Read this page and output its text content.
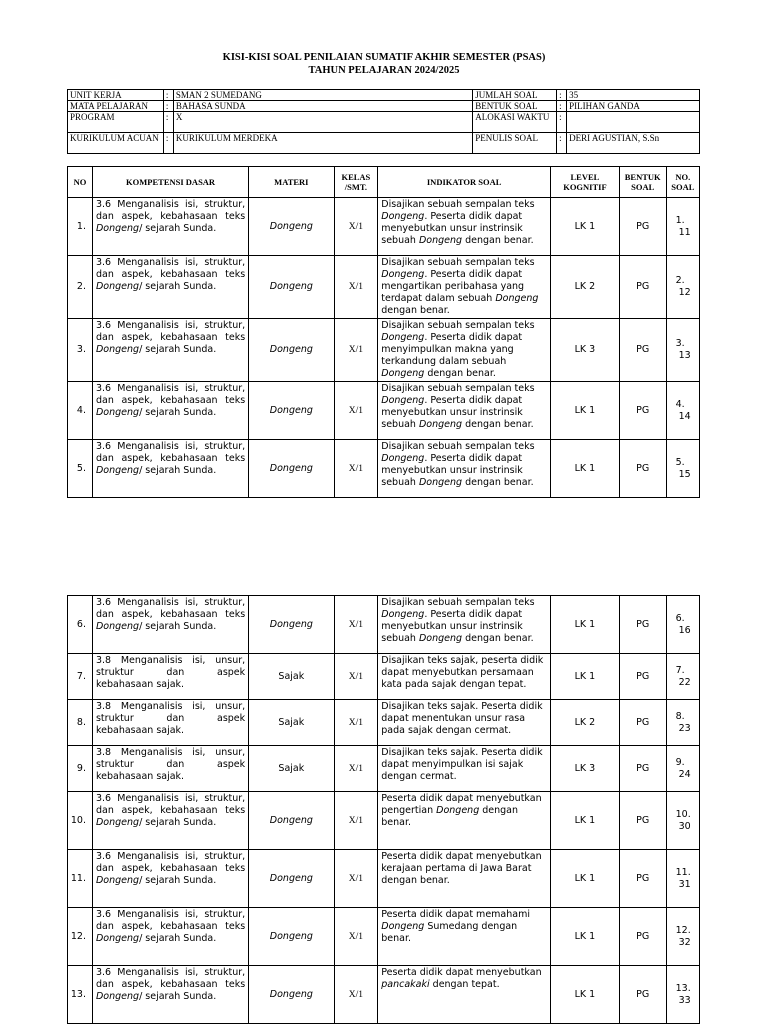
KISI-KISI SOAL PENILAIAN SUMATIF AKHIR SEMESTER (PSAS)
TAHUN PELAJARAN 2024/2025
UNIT KERJA	:	SMAN 2 SUMEDANG	JUMLAH SOAL	:	35
MATA PELAJARAN	:	BAHASA SUNDA	BENTUK SOAL	:	PILIHAN GANDA
PROGRAM	:	X	ALOKASI WAKTU	:	
KURIKULUM ACUAN	:	KURIKULUM MERDEKA	PENULIS SOAL	:	DERI AGUSTIAN, S.Sn
NO	KOMPETENSI DASAR	MATERI	KELAS /SMT.	INDIKATOR SOAL	LEVEL KOGNITIF	BENTUK SOAL	NO. SOAL
1.	3.6 Menganalisis isi, struktur, dan aspek, kebahasaan teks Dongeng/ sejarah Sunda.	Dongeng	X/1	Disajikan sebuah sempalan teks Dongeng. Peserta didik dapat menyebutkan unsur instrinsik sebuah Dongeng dengan benar.	LK 1	PG	1.
11

2.	3.6 Menganalisis isi, struktur, dan aspek, kebahasaan teks Dongeng/ sejarah Sunda.	Dongeng	X/1	Disajikan sebuah sempalan teks Dongeng. Peserta didik dapat mengartikan peribahasa yang terdapat dalam sebuah Dongeng dengan benar.	LK 2	PG	2.
12

3.	3.6 Menganalisis isi, struktur, dan aspek, kebahasaan teks Dongeng/ sejarah Sunda.	Dongeng	X/1	Disajikan sebuah sempalan teks Dongeng. Peserta didik dapat menyimpulkan makna yang terkandung dalam sebuah Dongeng dengan benar.	LK 3	PG	3.
13

4.	3.6 Menganalisis isi, struktur, dan aspek, kebahasaan teks Dongeng/ sejarah Sunda.	Dongeng	X/1	Disajikan sebuah sempalan teks Dongeng. Peserta didik dapat menyebutkan unsur instrinsik sebuah Dongeng dengan benar.	LK 1	PG	4.
14

5.	3.6 Menganalisis isi, struktur, dan aspek, kebahasaan teks Dongeng/ sejarah Sunda.	Dongeng	X/1	Disajikan sebuah sempalan teks Dongeng. Peserta didik dapat menyebutkan unsur instrinsik sebuah Dongeng dengan benar.	LK 1	PG	5.
15
6.	3.6 Menganalisis isi, struktur, dan aspek, kebahasaan teks Dongeng/ sejarah Sunda.	Dongeng	X/1	Disajikan sebuah sempalan teks Dongeng. Peserta didik dapat menyebutkan unsur instrinsik sebuah Dongeng dengan benar.	LK 1	PG	6.
16

7.	3.8 Menganalisis isi, unsur, struktur dan aspek kebahasaan sajak.	Sajak	X/1	Disajikan teks sajak, peserta didik dapat menyebutkan persamaan kata pada sajak dengan tepat.	LK 1	PG	7.
22

8.	3.8 Menganalisis isi, unsur, struktur dan aspek kebahasaan sajak.	Sajak	X/1	Disajikan teks sajak. Peserta didik dapat menentukan unsur rasa pada sajak dengan cermat.	LK 2	PG	8.
23

9.	3.8 Menganalisis isi, unsur, struktur dan aspek kebahasaan sajak.	Sajak	X/1	Disajikan teks sajak. Peserta didik dapat menyimpulkan isi sajak dengan cermat.	LK 3	PG	9.
24

10.	3.6 Menganalisis isi, struktur, dan aspek, kebahasaan teks Dongeng/ sejarah Sunda.	Dongeng	X/1	Peserta didik dapat menyebutkan pengertian Dongeng dengan benar.	LK 1	PG	10.
30

11.	3.6 Menganalisis isi, struktur, dan aspek, kebahasaan teks Dongeng/ sejarah Sunda.	Dongeng	X/1	Peserta didik dapat menyebutkan kerajaan pertama di Jawa Barat dengan benar.	LK 1	PG	11.
31

12.	3.6 Menganalisis isi, struktur, dan aspek, kebahasaan teks Dongeng/ sejarah Sunda.	Dongeng	X/1	Peserta didik dapat memahami Dongeng Sumedang dengan benar.	LK 1	PG	12.
32

13.	3.6 Menganalisis isi, struktur, dan aspek, kebahasaan teks Dongeng/ sejarah Sunda.	Dongeng	X/1	Peserta didik dapat menyebutkan pancakaki dengan tepat.	LK 1	PG	13.
33
